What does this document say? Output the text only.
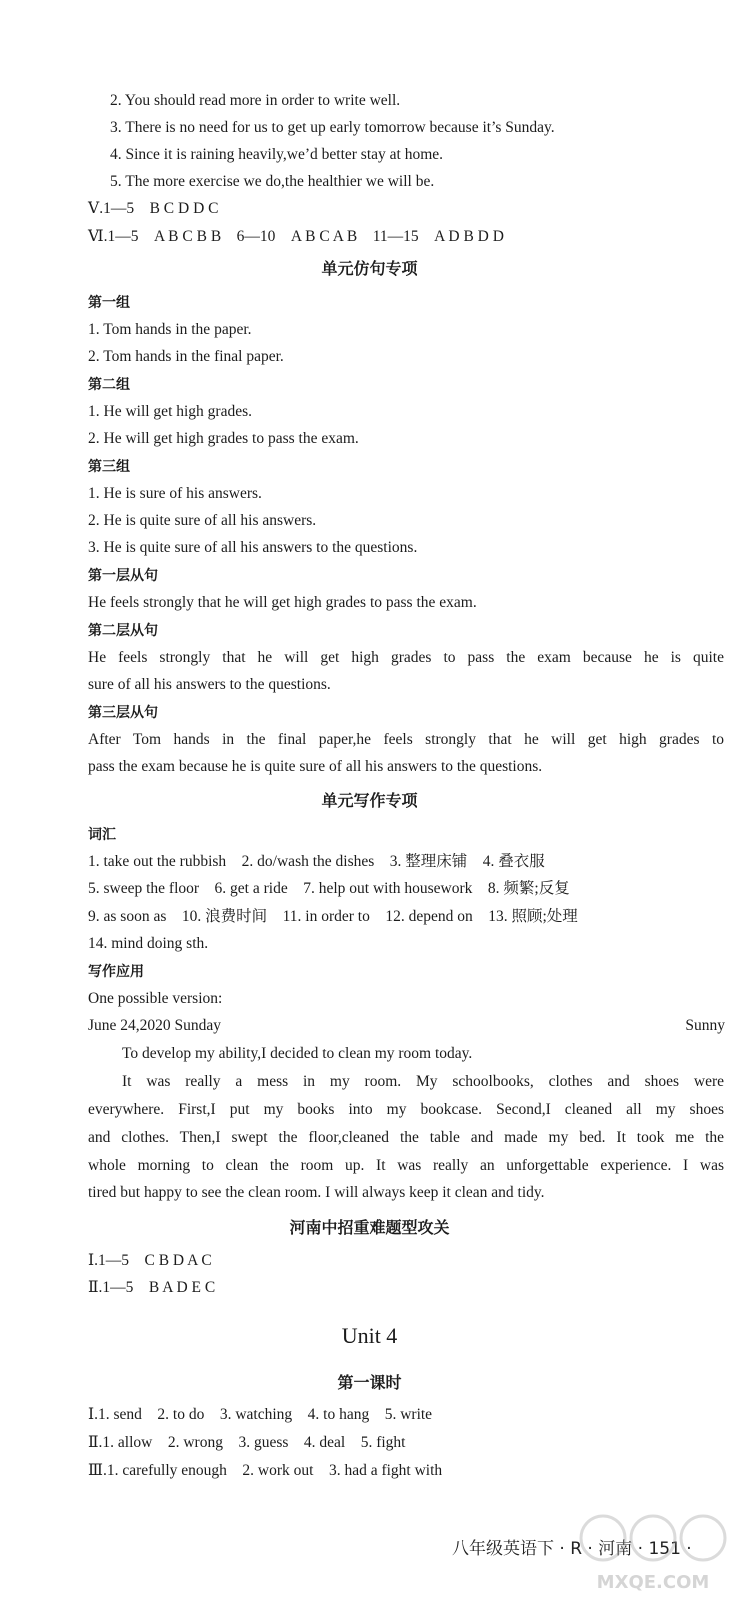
2. You should read more in order to write well.
3. There is no need for us to get up early tomorrow because it’s Sunday.
4. Since it is raining heavily,we’d better stay at home.
5. The more exercise we do,the healthier we will be.
Ⅴ.1—5　B C D D C
Ⅵ.1—5　A B C B B　6—10　A B C A B　11—15　A D B D D
单元仿句专项
第一组
1. Tom hands in the paper.
2. Tom hands in the final paper.
第二组
1. He will get high grades.
2. He will get high grades to pass the exam.
第三组
1. He is sure of his answers.
2. He is quite sure of all his answers.
3. He is quite sure of all his answers to the questions.
第一层从句
He feels strongly that he will get high grades to pass the exam.
第二层从句
He feels strongly that he will get high grades to pass the exam because he is quite
sure of all his answers to the questions.
第三层从句
After Tom hands in the final paper,he feels strongly that he will get high grades to
pass the exam because he is quite sure of all his answers to the questions.
单元写作专项
词汇
1. take out the rubbish　2. do/wash the dishes　3. 整理床铺　4. 叠衣服
5. sweep the floor　6. get a ride　7. help out with housework　8. 频繁;反复
9. as soon as　10. 浪费时间　11. in order to　12. depend on　13. 照顾;处理
14. mind doing sth.
写作应用
One possible version:
June 24,2020 Sunday	Sunny
To develop my ability,I decided to clean my room today.
It was really a mess in my room. My schoolbooks, clothes and shoes were
everywhere. First,I put my books into my bookcase. Second,I cleaned all my shoes
and clothes. Then,I swept the floor,cleaned the table and made my bed. It took me the
whole morning to clean the room up. It was really an unforgettable experience. I was
tired but happy to see the clean room. I will always keep it clean and tidy.
河南中招重难题型攻关
Ⅰ.1—5　C B D A C
Ⅱ.1—5　B A D E C
Unit 4
第一课时
Ⅰ.1. send　2. to do　3. watching　4. to hang　5. write
Ⅱ.1. allow　2. wrong　3. guess　4. deal　5. fight
Ⅲ.1. carefully enough　2. work out　3. had a fight with
八年级英语下 · R · 河南 · 151 ·
MXQE.COM
